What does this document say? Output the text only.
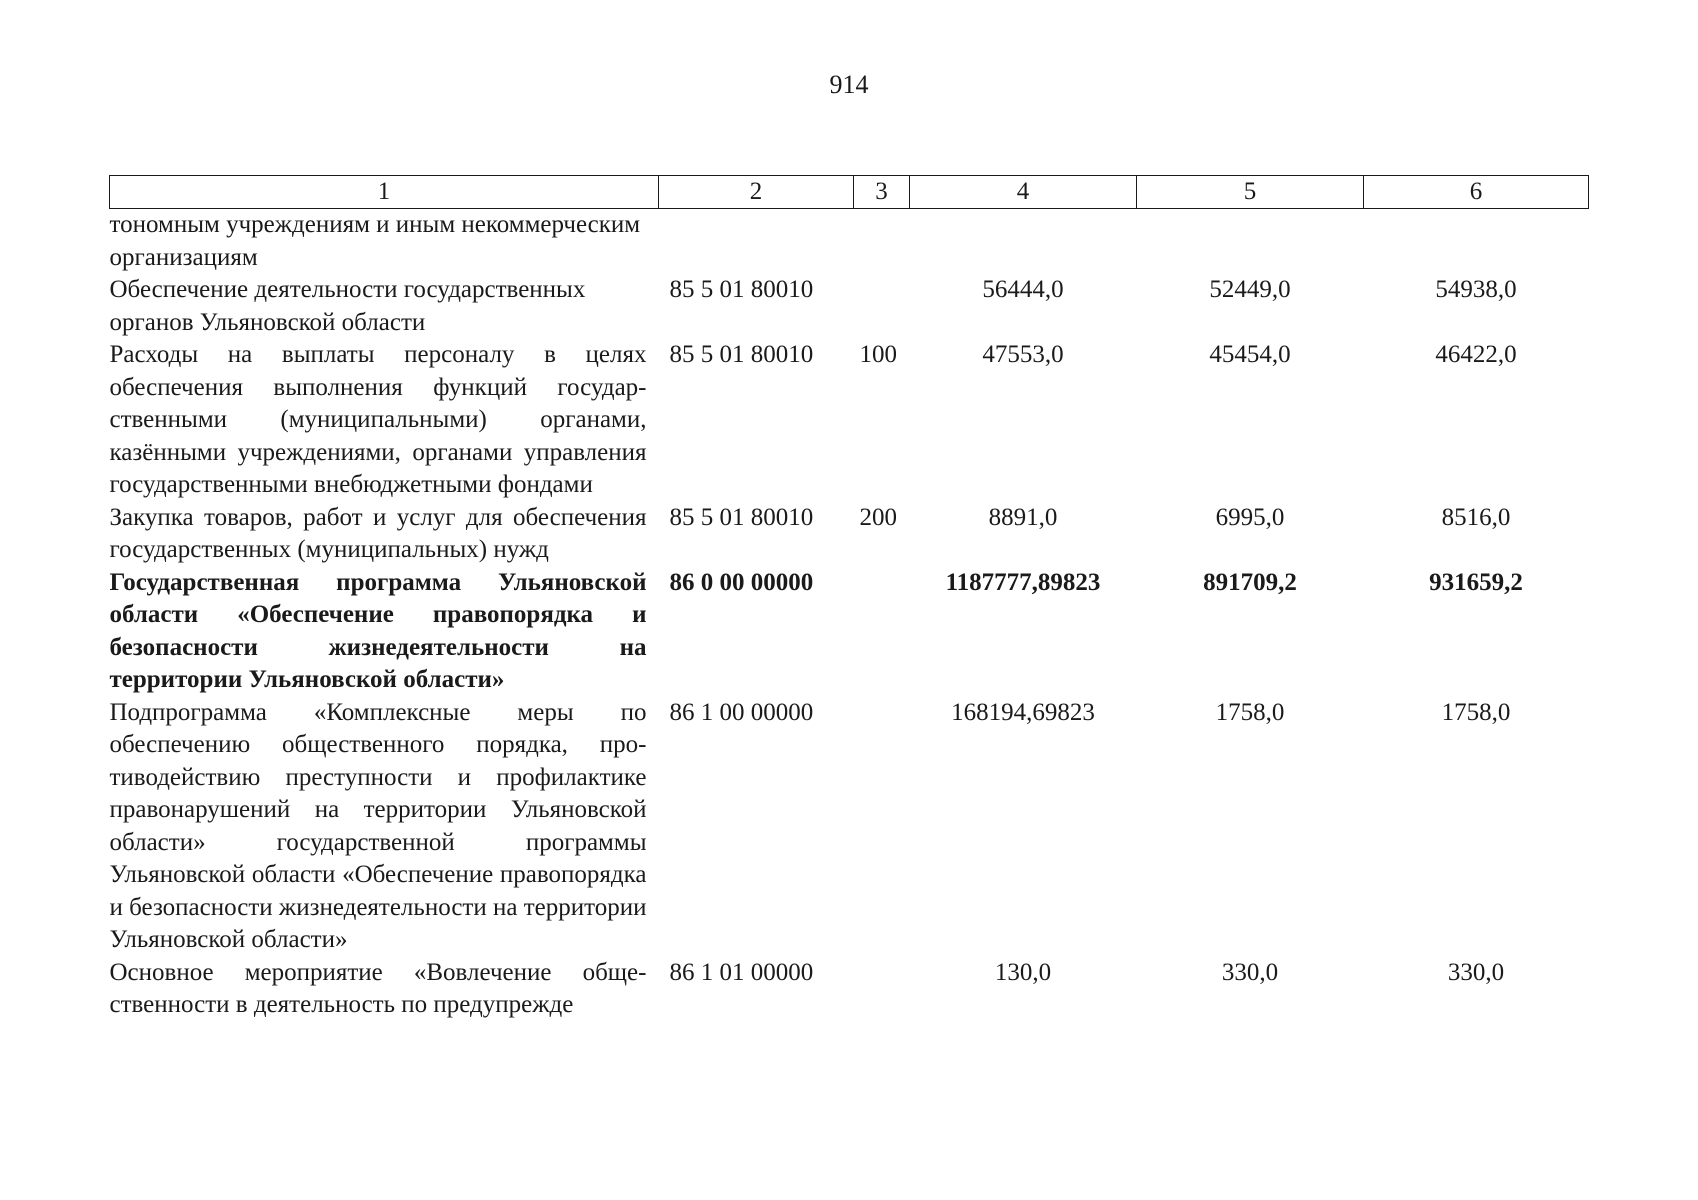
914
1	2	3	4	5	6
тономным учреждениям и иным некоммерческим организациям					
Обеспечение деятельности государственных органов Ульяновской области	85 5 01 80010		56444,0	52449,0	54938,0
Расходы на выплаты персоналу в целях обеспечения выполнения функций государственными (муниципальными) органами, казёнными учреждениями, органами управления государственными внебюджетными фондами	85 5 01 80010	100	47553,0	45454,0	46422,0
Закупка товаров, работ и услуг для обеспечения государственных (муниципальных) нужд	85 5 01 80010	200	8891,0	6995,0	8516,0
Государственная программа Ульяновской области «Обеспечение правопорядка и безопасности жизнедеятельности на территории Ульяновской области»	86 0 00 00000		1187777,89823	891709,2	931659,2
Подпрограмма «Комплексные меры по обеспечению общественного порядка, противодействию преступности и профилактике правонарушений на территории Ульяновской области» государственной программы Ульяновской области «Обеспечение правопорядка и безопасности жизнедеятельности на территории Ульяновской области»	86 1 00 00000		168194,69823	1758,0	1758,0
Основное мероприятие «Вовлечение общественности в деятельность по предупрежде	86 1 01 00000		130,0	330,0	330,0
